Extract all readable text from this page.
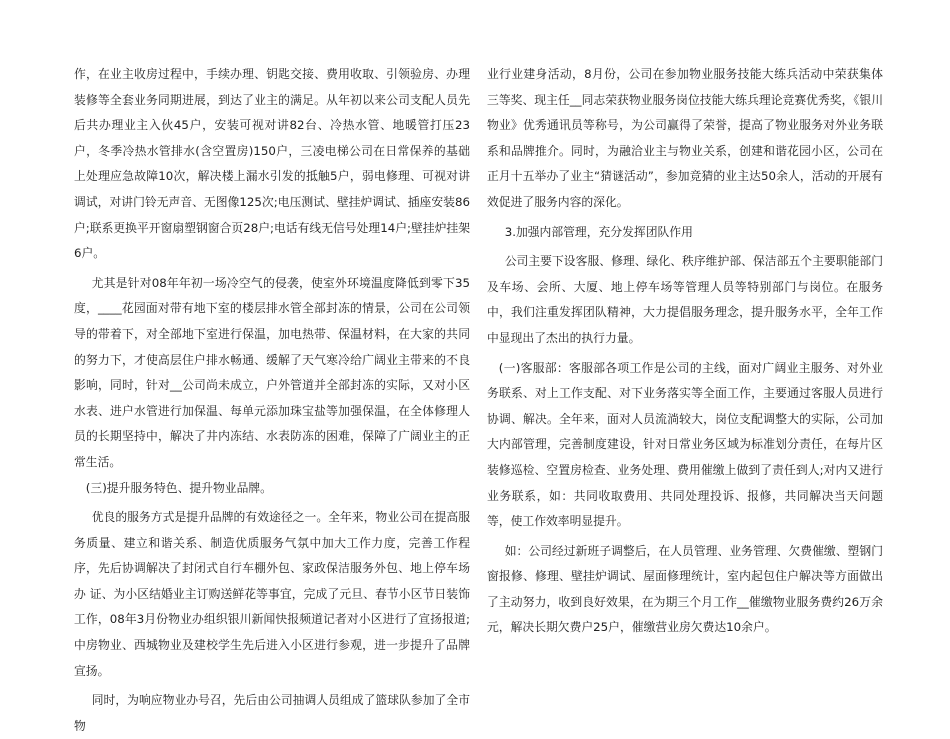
作，在业主收房过程中，手续办理、钥匙交接、费用收取、引领验房、办理装修等全套业务同期进展，到达了业主的满足。从年初以来公司支配人员先后共办理业主入伙45户，安装可视对讲82台、冷热水管、地暖管打压23户，冬季冷热水管排水(含空置房)150户，三凌电梯公司在日常保养的基础上处理应急故障10次，解决楼上漏水引发的抵触5户，弱电修理、可视对讲调试，对讲门铃无声音、无图像125次;电压测试、壁挂炉调试、插座安装86户;联系更换平开窗扇塑钢窗合页28户;电话有线无信号处理14户;壁挂炉挂架6户。

尤其是针对08年年初一场冷空气的侵袭，使室外环境温度降低到零下35度，____花园面对带有地下室的楼层排水管全部封冻的情景，公司在公司领导的带着下，对全部地下室进行保温，加电热带、保温材料，在大家的共同的努力下，才使高层住户排水畅通、缓解了天气寒冷给广阔业主带来的不良影响，同时，针对__公司尚未成立，户外管道并全部封冻的实际，又对小区水表、进户水管进行加保温、每单元添加珠宝盐等加强保温，在全体修理人员的长期坚持中，解决了井内冻结、水表防冻的困难，保障了广阔业主的正常生活。

(三)提升服务特色、提升物业品牌。

优良的服务方式是提升品牌的有效途径之一。全年来，物业公司在提高服务质量、建立和谐关系、制造优质服务气氛中加大工作力度，完善工作程序，先后协调解决了封闭式自行车棚外包、家政保洁服务外包、地上停车场办 证、为小区结婚业主订购送鲜花等事宜，完成了元旦、春节小区节日装饰工作，08年3月份物业办组织银川新闻快报频道记者对小区进行了宣扬报道;中房物业、西城物业及建校学生先后进入小区进行参观，进一步提升了品牌宣扬。

同时，为响应物业办号召，先后由公司抽调人员组成了篮球队参加了全市物

业行业建身活动，8月份，公司在参加物业服务技能大练兵活动中荣获集体三等奖、现主任__同志荣获物业服务岗位技能大练兵理论竞赛优秀奖，《银川物业》优秀通讯员等称号，为公司赢得了荣誉，提高了物业服务对外业务联系和品牌推介。同时，为融洽业主与物业关系，创建和谐花园小区，公司在正月十五举办了业主“猜谜活动”，参加竞猜的业主达50余人，活动的开展有效促进了服务内容的深化。

3.加强内部管理，充分发挥团队作用

公司主要下设客服、修理、绿化、秩序维护部、保洁部五个主要职能部门及车场、会所、大厦、地上停车场等管理人员等特别部门与岗位。在服务中，我们注重发挥团队精神，大力提倡服务理念，提升服务水平，全年工作中显现出了杰出的执行力量。

(一)客服部：客服部各项工作是公司的主线，面对广阔业主服务、对外业务联系、对上工作支配、对下业务落实等全面工作，主要通过客服人员进行协调、解决。全年来，面对人员流淌较大，岗位支配调整大的实际，公司加大内部管理，完善制度建设，针对日常业务区域为标准划分责任，在每片区装修巡检、空置房检查、业务处理、费用催缴上做到了责任到人;对内又进行业务联系，如：共同收取费用、共同处理投诉、报修，共同解决当天问题等，使工作效率明显提升。

如：公司经过新班子调整后，在人员管理、业务管理、欠费催缴、塑钢门窗报修、修理、壁挂炉调试、屋面修理统计，室内起包住户解决等方面做出了主动努力，收到良好效果，在为期三个月工作__催缴物业服务费约26万余元，解决长期欠费户25户，催缴营业房欠费达10余户。
